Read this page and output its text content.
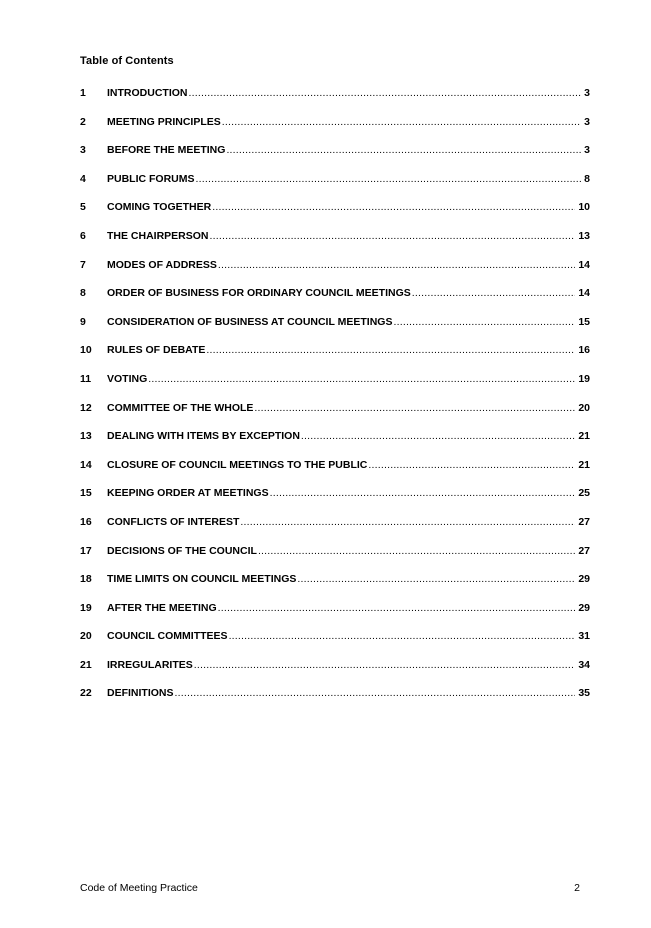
Table of Contents
1	INTRODUCTION .....	3
2	MEETING PRINCIPLES .....	3
3	BEFORE THE MEETING .....	3
4	PUBLIC FORUMS .....	8
5	COMING TOGETHER .....	10
6	THE CHAIRPERSON .....	13
7	MODES OF ADDRESS .....	14
8	ORDER OF BUSINESS FOR ORDINARY COUNCIL MEETINGS .....	14
9	CONSIDERATION OF BUSINESS AT COUNCIL MEETINGS .....	15
10	RULES OF DEBATE .....	16
11	VOTING .....	19
12	COMMITTEE OF THE WHOLE .....	20
13	DEALING WITH ITEMS BY EXCEPTION .....	21
14	CLOSURE OF COUNCIL MEETINGS TO THE PUBLIC .....	21
15	KEEPING ORDER AT MEETINGS .....	25
16	CONFLICTS OF INTEREST .....	27
17	DECISIONS OF THE COUNCIL .....	27
18	TIME LIMITS ON COUNCIL MEETINGS .....	29
19	AFTER THE MEETING .....	29
20	COUNCIL COMMITTEES .....	31
21	IRREGULARITES .....	34
22	DEFINITIONS .....	35
Code of Meeting Practice	2
